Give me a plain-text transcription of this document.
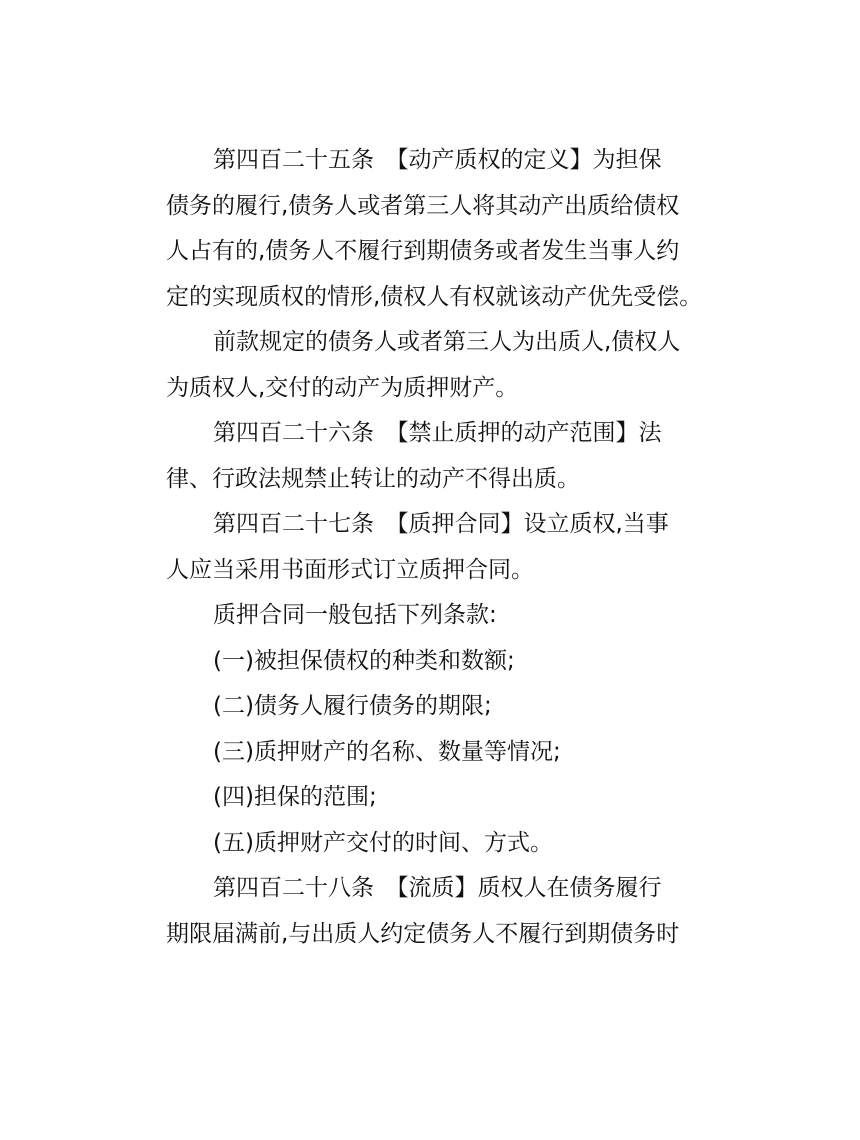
第四百二十五条　【动产质权的定义】为担保
债务的履行,债务人或者第三人将其动产出质给债权
人占有的,债务人不履行到期债务或者发生当事人约
定的实现质权的情形,债权人有权就该动产优先受偿。
前款规定的债务人或者第三人为出质人,债权人
为质权人,交付的动产为质押财产。
第四百二十六条　【禁止质押的动产范围】法
律、行政法规禁止转让的动产不得出质。
第四百二十七条　【质押合同】设立质权,当事
人应当采用书面形式订立质押合同。
质押合同一般包括下列条款:
(一)被担保债权的种类和数额;
(二)债务人履行债务的期限;
(三)质押财产的名称、数量等情况;
(四)担保的范围;
(五)质押财产交付的时间、方式。
第四百二十八条　【流质】质权人在债务履行
期限届满前,与出质人约定债务人不履行到期债务时
